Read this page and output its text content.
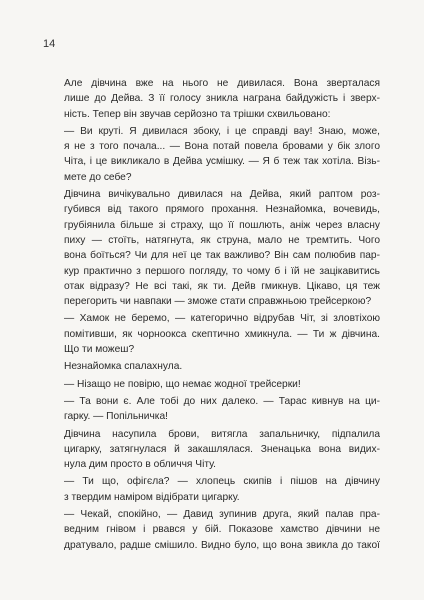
14
Але дівчина вже на нього не дивилася. Вона зверталася
лише до Дейва. З її голосу зникла награна байдужість і зверх-
ність. Тепер він звучав серйозно та трішки схвильовано:
— Ви круті. Я дивилася збоку, і це справді вау! Знаю, може,
я не з того почала... — Вона потай повела бровами у бік злого
Чіта, і це викликало в Дейва усмішку. — Я б теж так хотіла. Візь-
мете до себе?
Дівчина вичікувально дивилася на Дейва, який раптом роз-
губився від такого прямого прохання. Незнайомка, вочевидь,
грубіянила більше зі страху, що її пошлють, аніж через власну
пиху — стоїть, натягнута, як струна, мало не тремтить. Чого
вона боїться? Чи для неї це так важливо? Він сам полюбив пар-
кур практично з першого погляду, то чому б і їй не зацікавитись
отак відразу? Не всі такі, як ти. Дейв гмикнув. Цікаво, ця теж
перегорить чи навпаки — зможе стати справжньою трейсеркою?
— Хамок не беремо, — категорично відрубав Чіт, зі зловтіхою
помітивши, як чорноокса скептично хмикнула. — Ти ж дівчина.
Що ти можеш?
Незнайомка спалахнула.
— Нізащо не повірю, що немає жодної трейсерки!
— Та вони є. Але тобі до них далеко. — Тарас кивнув на ци-
гарку. — Попільничка!
Дівчина насупила брови, витягла запальничку, підпалила
цигарку, затягнулася й закашлялася. Зненацька вона видих-
нула дим просто в обличчя Чіту.
— Ти що, офігєла? — хлопець скипів і пішов на дівчину
з твердим наміром відібрати цигарку.
— Чекай, спокійно, — Давид зупинив друга, який палав пра-
ведним гнівом і рвався у бій. Показове хамство дівчини не
дратувало, радше смішило. Видно було, що вона звикла до такої
